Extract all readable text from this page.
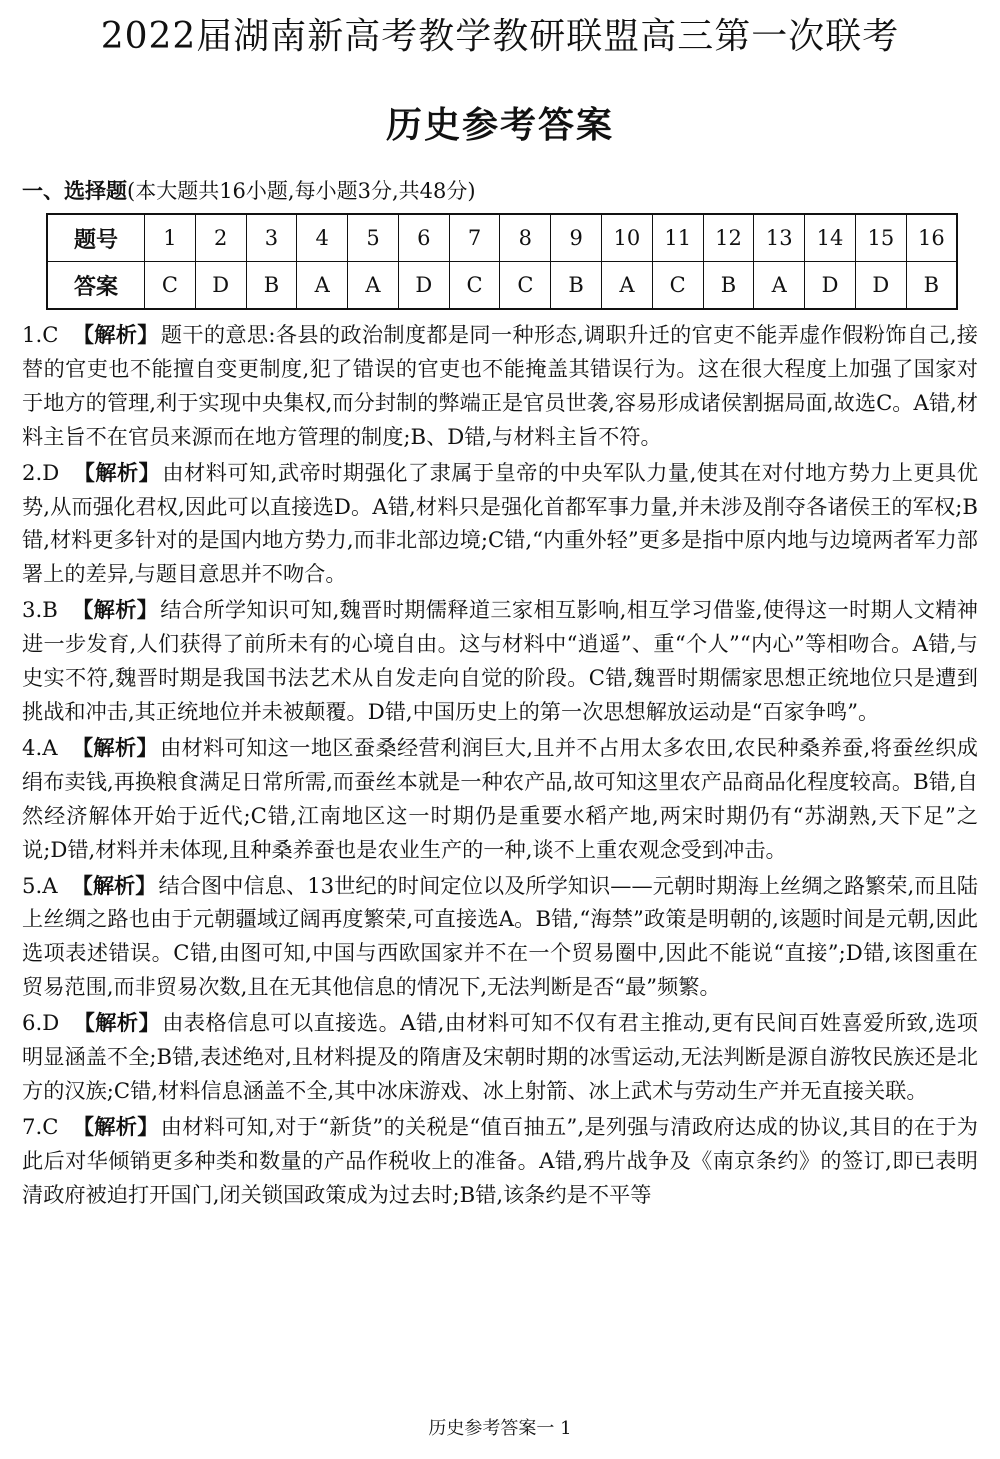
2022届湖南新高考教学教研联盟高三第一次联考
历史参考答案
一、选择题(本大题共16小题,每小题3分,共48分)
题号	1	2	3	4	5	6	7	8	9	10	11	12	13	14	15	16
答案	C	D	B	A	A	D	C	C	B	A	C	B	A	D	D	B

1.C 【解析】题干的意思:各县的政治制度都是同一种形态,调职升迁的官吏不能弄虚作假粉饰自己,接替的官吏也不能擅自变更制度,犯了错误的官吏也不能掩盖其错误行为。这在很大程度上加强了国家对于地方的管理,利于实现中央集权,而分封制的弊端正是官员世袭,容易形成诸侯割据局面,故选C。A错,材料主旨不在官员来源而在地方管理的制度;B、D错,与材料主旨不符。

2.D 【解析】由材料可知,武帝时期强化了隶属于皇帝的中央军队力量,使其在对付地方势力上更具优势,从而强化君权,因此可以直接选D。A错,材料只是强化首都军事力量,并未涉及削夺各诸侯王的军权;B错,材料更多针对的是国内地方势力,而非北部边境;C错,“内重外轻”更多是指中原内地与边境两者军力部署上的差异,与题目意思并不吻合。

3.B 【解析】结合所学知识可知,魏晋时期儒释道三家相互影响,相互学习借鉴,使得这一时期人文精神进一步发育,人们获得了前所未有的心境自由。这与材料中“逍遥”、重“个人”“内心”等相吻合。A错,与史实不符,魏晋时期是我国书法艺术从自发走向自觉的阶段。C错,魏晋时期儒家思想正统地位只是遭到挑战和冲击,其正统地位并未被颠覆。D错,中国历史上的第一次思想解放运动是“百家争鸣”。

4.A 【解析】由材料可知这一地区蚕桑经营利润巨大,且并不占用太多农田,农民种桑养蚕,将蚕丝织成绢布卖钱,再换粮食满足日常所需,而蚕丝本就是一种农产品,故可知这里农产品商品化程度较高。B错,自然经济解体开始于近代;C错,江南地区这一时期仍是重要水稻产地,两宋时期仍有“苏湖熟,天下足”之说;D错,材料并未体现,且种桑养蚕也是农业生产的一种,谈不上重农观念受到冲击。

5.A 【解析】结合图中信息、13世纪的时间定位以及所学知识——元朝时期海上丝绸之路繁荣,而且陆上丝绸之路也由于元朝疆域辽阔再度繁荣,可直接选A。B错,“海禁”政策是明朝的,该题时间是元朝,因此选项表述错误。C错,由图可知,中国与西欧国家并不在一个贸易圈中,因此不能说“直接”;D错,该图重在贸易范围,而非贸易次数,且在无其他信息的情况下,无法判断是否“最”频繁。

6.D 【解析】由表格信息可以直接选。A错,由材料可知不仅有君主推动,更有民间百姓喜爱所致,选项明显涵盖不全;B错,表述绝对,且材料提及的隋唐及宋朝时期的冰雪运动,无法判断是源自游牧民族还是北方的汉族;C错,材料信息涵盖不全,其中冰床游戏、冰上射箭、冰上武术与劳动生产并无直接关联。

7.C 【解析】由材料可知,对于“新货”的关税是“值百抽五”,是列强与清政府达成的协议,其目的在于为此后对华倾销更多种类和数量的产品作税收上的准备。A错,鸦片战争及《南京条约》的签订,即已表明清政府被迫打开国门,闭关锁国政策成为过去时;B错,该条约是不平等

历史参考答案一 1
